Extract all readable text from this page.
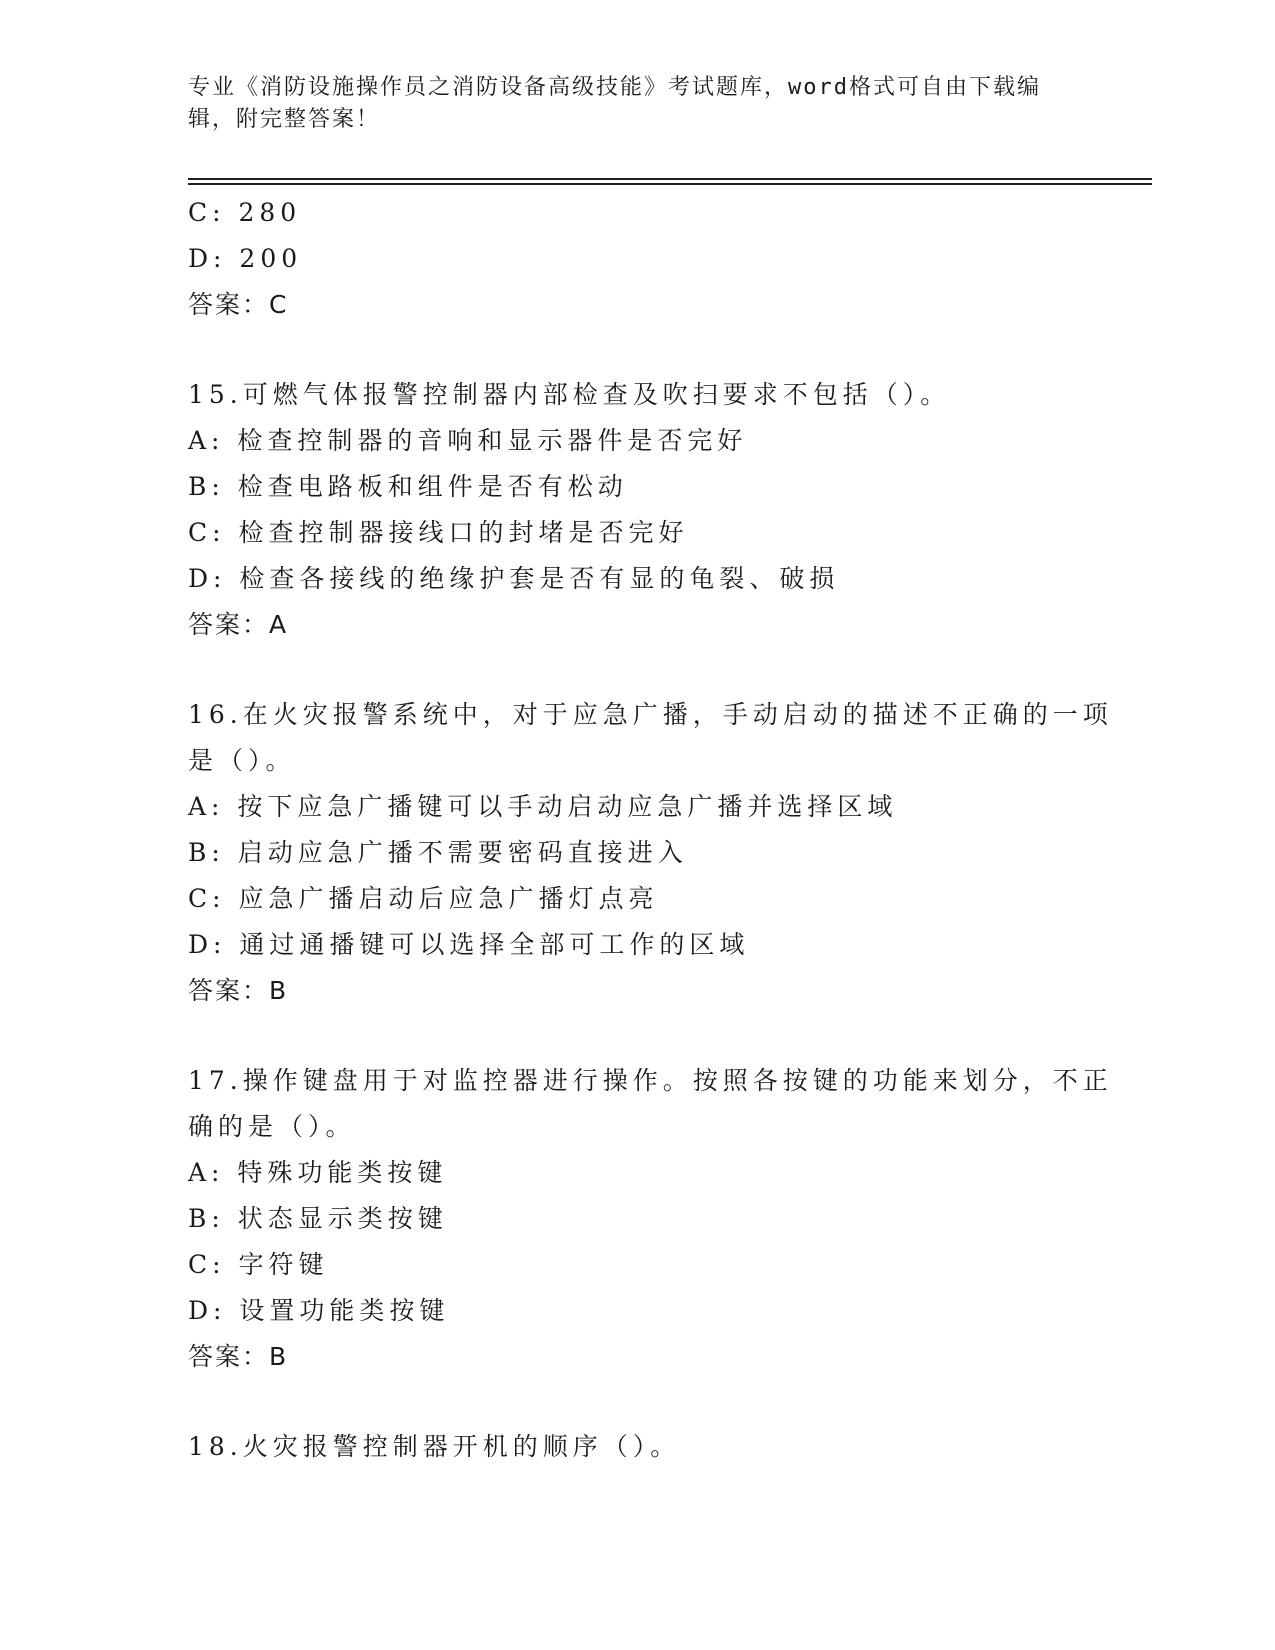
专业《消防设施操作员之消防设备高级技能》考试题库，word格式可自由下载编
辑，附完整答案！
C: 280
D: 200
答案：C
15.可燃气体报警控制器内部检查及吹扫要求不包括（）。
A: 检查控制器的音响和显示器件是否完好
B: 检查电路板和组件是否有松动
C: 检查控制器接线口的封堵是否完好
D: 检查各接线的绝缘护套是否有显的龟裂、破损
答案：A
16.在火灾报警系统中，对于应急广播，手动启动的描述不正确的一项
是（）。
A: 按下应急广播键可以手动启动应急广播并选择区域
B: 启动应急广播不需要密码直接进入
C: 应急广播启动后应急广播灯点亮
D: 通过通播键可以选择全部可工作的区域
答案：B
17.操作键盘用于对监控器进行操作。按照各按键的功能来划分，不正
确的是（）。
A: 特殊功能类按键
B: 状态显示类按键
C: 字符键
D: 设置功能类按键
答案：B
18.火灾报警控制器开机的顺序（）。
